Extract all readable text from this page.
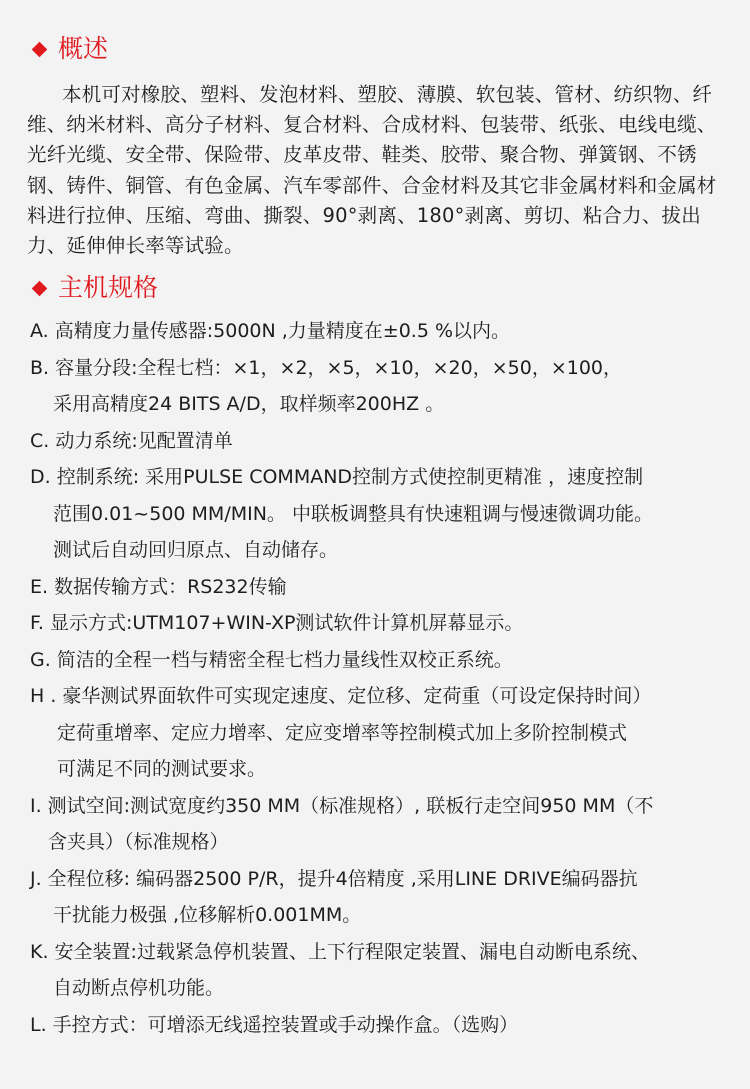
概述

本机可对橡胶、塑料、发泡材料、塑胶、薄膜、软包装、管材、纺织物、纤维、纳米材料、高分子材料、复合材料、合成材料、包装带、纸张、电线电缆、光纤光缆、安全带、保险带、皮革皮带、鞋类、胶带、聚合物、弹簧钢、不锈钢、铸件、铜管、有色金属、汽车零部件、合金材料及其它非金属材料和金属材料进行拉伸、压缩、弯曲、撕裂、90°剥离、180°剥离、剪切、粘合力、拔出力、延伸伸长率等试验。

主机规格
A. 高精度力量传感器:5000N ,力量精度在±0.5 %以内。
B. 容量分段:全程七档：×1，×2，×5，×10，×20，×50，×100，
采用高精度24 BITS A/D，取样频率200HZ 。
C. 动力系统:见配置清单
D. 控制系统: 采用PULSE COMMAND控制方式使控制更精准 ，速度控制
范围0.01~500 MM/MIN。 中联板调整具有快速粗调与慢速微调功能。
测试后自动回归原点、自动储存。
E. 数据传输方式：RS232传输
F. 显示方式:UTM107+WIN-XP测试软件计算机屏幕显示。
G. 简洁的全程一档与精密全程七档力量线性双校正系统。
H . 豪华测试界面软件可实现定速度、定位移、定荷重（可设定保持时间）
定荷重增率、定应力增率、定应变增率等控制模式加上多阶控制模式
可满足不同的测试要求。
I. 测试空间:测试宽度约350 MM（标准规格）, 联板行走空间950 MM（不
含夹具）（标准规格）
J. 全程位移: 编码器2500 P/R，提升4倍精度 ,采用LINE DRIVE编码器抗
干扰能力极强 ,位移解析0.001MM。
K. 安全装置:过载紧急停机装置、上下行程限定装置、漏电自动断电系统、
自动断点停机功能。
L. 手控方式：可增添无线遥控装置或手动操作盒。（选购）
